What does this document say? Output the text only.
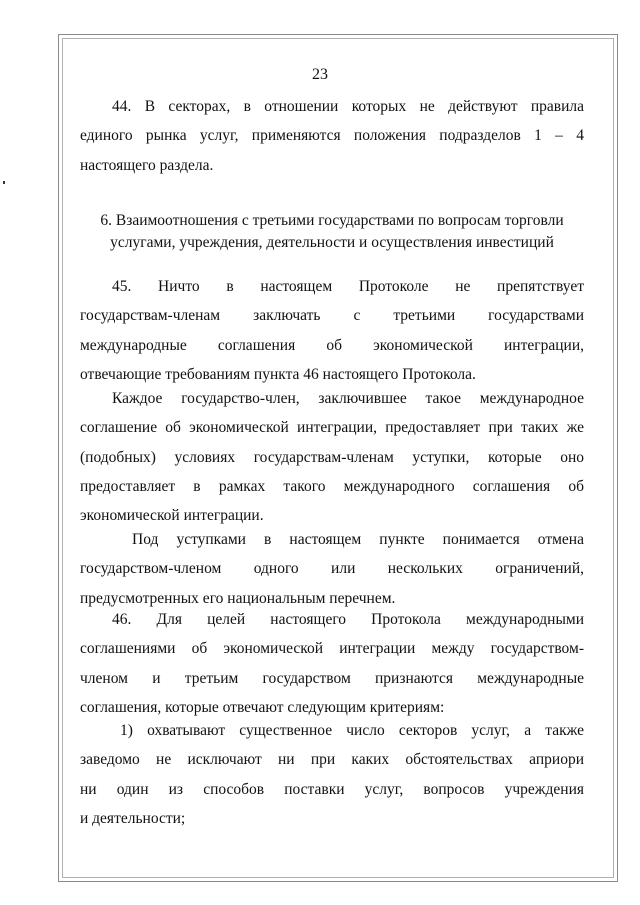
23
44. В секторах, в отношении которых не действуют правила
единого рынка услуг, применяются положения подразделов 1 – 4
настоящего раздела.
6. Взаимоотношения с третьими государствами по вопросам торговли
услугами, учреждения, деятельности и осуществления инвестиций
45. Ничто в настоящем Протоколе не препятствует
государствам-членам заключать с третьими государствами
международные соглашения об экономической интеграции,
отвечающие требованиям пункта 46 настоящего Протокола.
Каждое государство-член, заключившее такое международное
соглашение об экономической интеграции, предоставляет при таких же
(подобных) условиях государствам-членам уступки, которые оно
предоставляет в рамках такого международного соглашения об
экономической интеграции.
Под уступками в настоящем пункте понимается отмена
государством-членом одного или нескольких ограничений,
предусмотренных его национальным перечнем.
46. Для целей настоящего Протокола международными
соглашениями об экономической интеграции между государством-
членом и третьим государством признаются международные
соглашения, которые отвечают следующим критериям:
1) охватывают существенное число секторов услуг, а также
заведомо не исключают ни при каких обстоятельствах априори
ни один из способов поставки услуг, вопросов учреждения
и деятельности;
